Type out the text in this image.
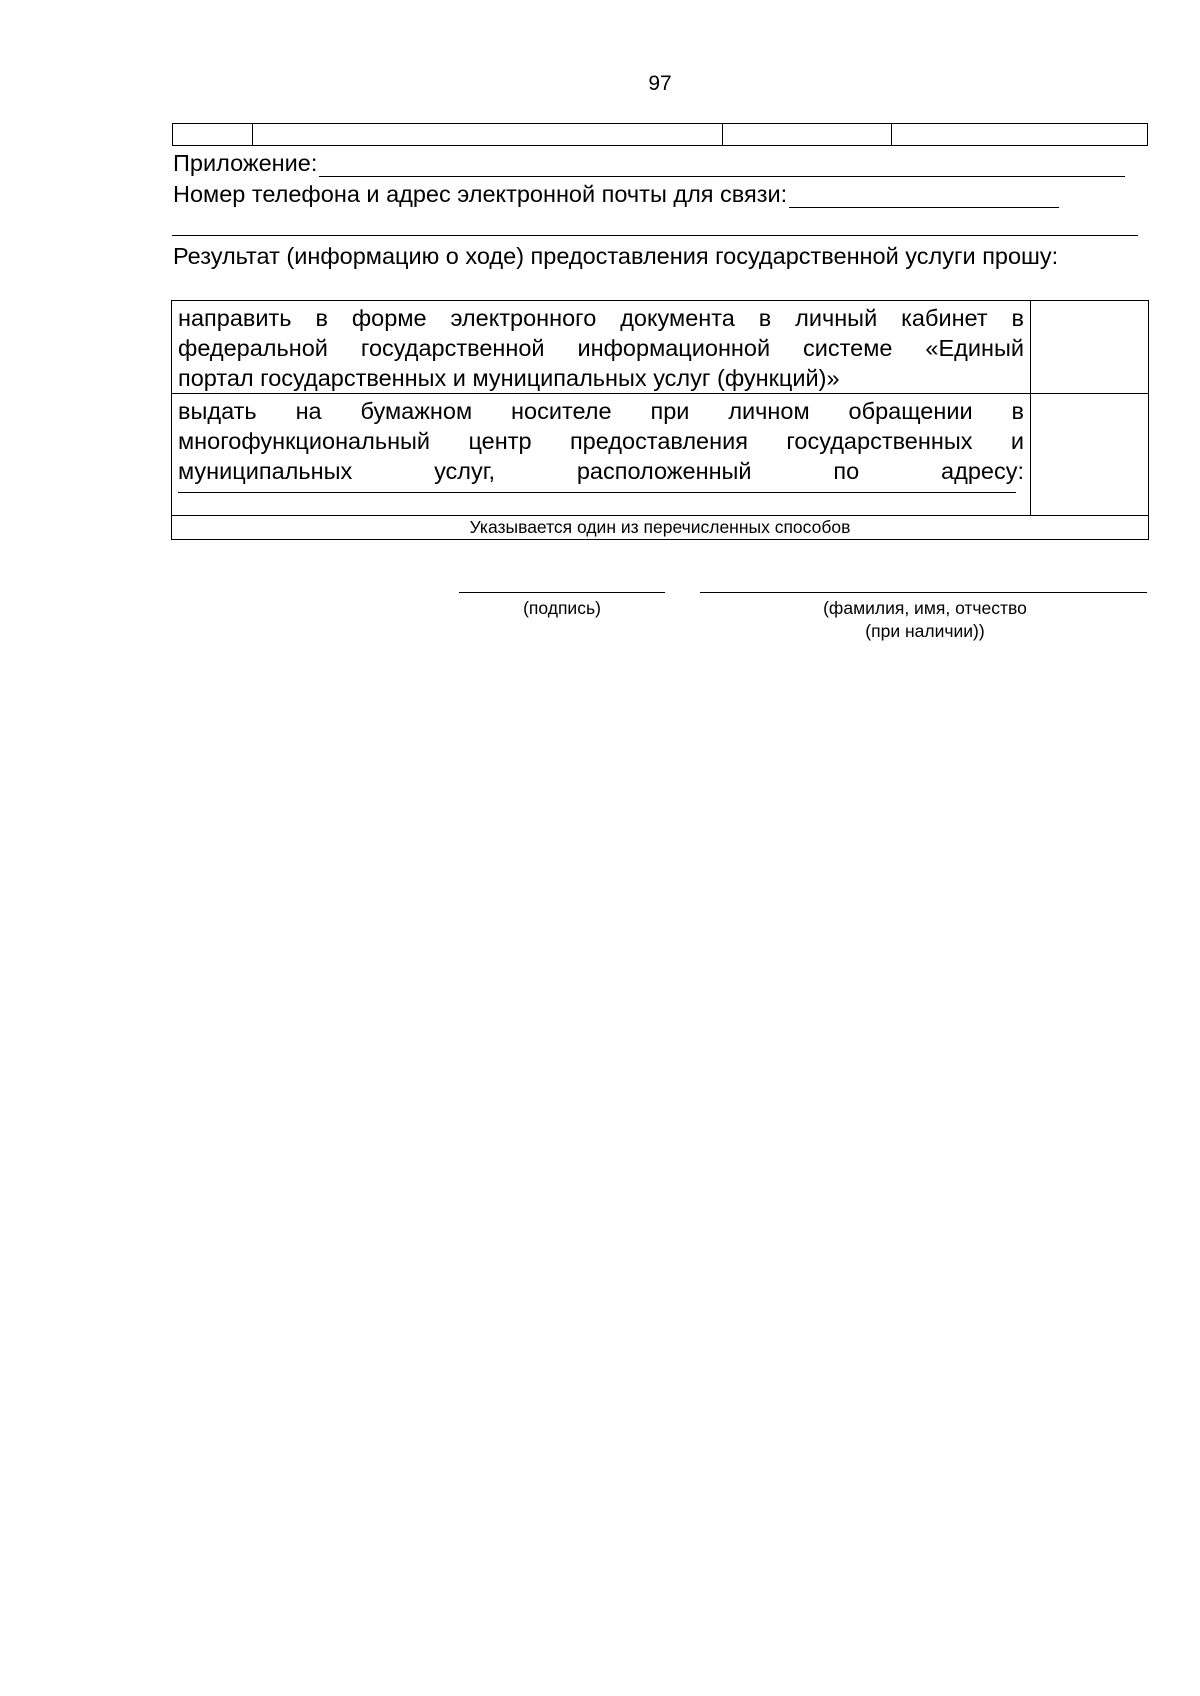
97

Приложение:
Номер телефона и адрес электронной почты для связи:
Результат (информацию о ходе) предоставления государственной услуги прошу:
направить в форме электронного документа в личный кабинет в
федеральной государственной информационной системе «Единый
портал государственных и муниципальных услуг (функций)»	

выдать на бумажном носителе при личном обращении в
многофункциональный центр предоставления государственных и
муниципальных услуг, расположенный по адресу:	

Указывается один из перечисленных способов	
(подпись)	(фамилия, имя, отчество
(при наличии))
